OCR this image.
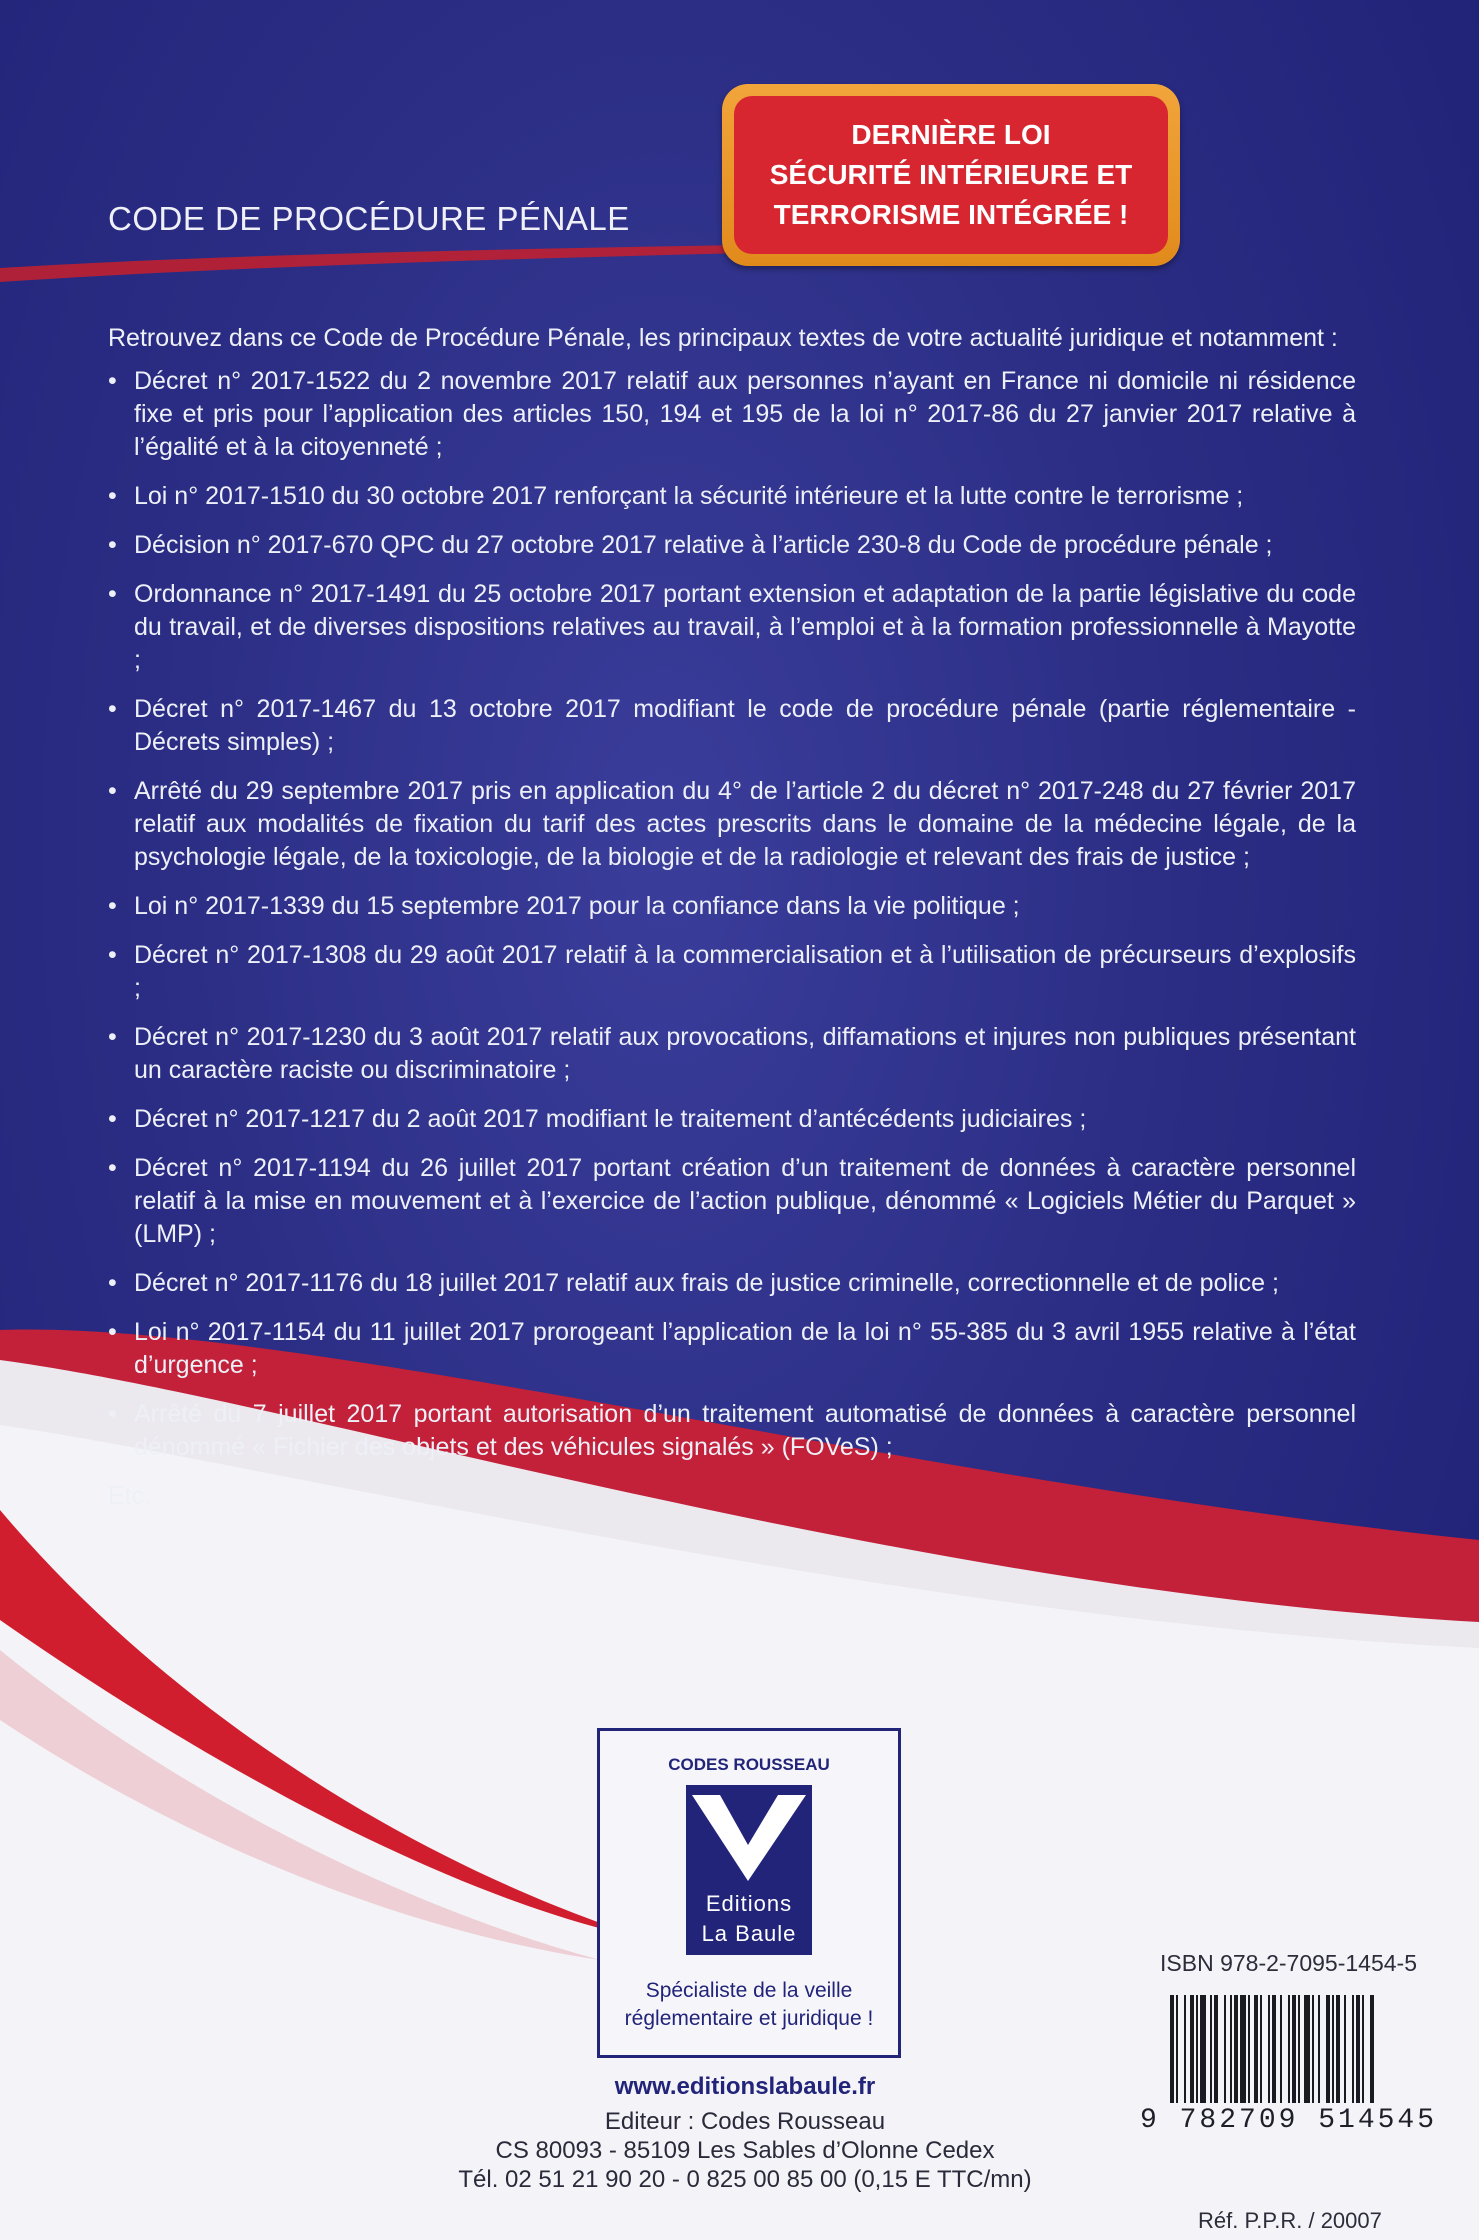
CODE DE PROCÉDURE PÉNALE
DERNIÈRE LOI
SÉCURITÉ INTÉRIEURE ET
TERRORISME INTÉGRÉE !

Retrouvez dans ce Code de Procédure Pénale, les principaux textes de votre actualité juridique et notamment :

• Décret n° 2017-1522 du 2 novembre 2017 relatif aux personnes n’ayant en France ni domicile ni résidence fixe et pris pour l’application des articles 150, 194 et 195 de la loi n° 2017-86 du 27 janvier 2017 relative à l’égalité et à la citoyenneté ;
• Loi n° 2017-1510 du 30 octobre 2017 renforçant la sécurité intérieure et la lutte contre le terrorisme ;
• Décision n° 2017-670 QPC du 27 octobre 2017 relative à l’article 230-8 du Code de procédure pénale ;
• Ordonnance n° 2017-1491 du 25 octobre 2017 portant extension et adaptation de la partie législative du code du travail, et de diverses dispositions relatives au travail, à l’emploi et à la formation professionnelle à Mayotte ;
• Décret n° 2017-1467 du 13 octobre 2017 modifiant le code de procédure pénale (partie réglementaire - Décrets simples) ;
• Arrêté du 29 septembre 2017 pris en application du 4° de l’article 2 du décret n° 2017-248 du 27 février 2017 relatif aux modalités de fixation du tarif des actes prescrits dans le domaine de la médecine légale, de la psychologie légale, de la toxicologie, de la biologie et de la radiologie et relevant des frais de justice ;
• Loi n° 2017-1339 du 15 septembre 2017 pour la confiance dans la vie politique ;
• Décret n° 2017-1308 du 29 août 2017 relatif à la commercialisation et à l’utilisation de précurseurs d’explosifs ;
• Décret n° 2017-1230 du 3 août 2017 relatif aux provocations, diffamations et injures non publiques présentant un caractère raciste ou discriminatoire ;
• Décret n° 2017-1217 du 2 août 2017 modifiant le traitement d’antécédents judiciaires ;
• Décret n° 2017-1194 du 26 juillet 2017 portant création d’un traitement de données à caractère personnel relatif à la mise en mouvement et à l’exercice de l’action publique, dénommé « Logiciels Métier du Parquet » (LMP) ;
• Décret n° 2017-1176 du 18 juillet 2017 relatif aux frais de justice criminelle, correctionnelle et de police ;
• Loi n° 2017-1154 du 11 juillet 2017 prorogeant l’application de la loi n° 55-385 du 3 avril 1955 relative à l’état d’urgence ;
• Arrêté du 7 juillet 2017 portant autorisation d’un traitement automatisé de données à caractère personnel dénommé « Fichier des objets et des véhicules signalés » (FOVeS) ;

Etc.

CODES ROUSSEAU
Editions
La Baule
Spécialiste de la veille
réglementaire et juridique !
www.editionslabaule.fr
Editeur : Codes Rousseau
CS 80093 - 85109 Les Sables d’Olonne Cedex
Tél. 02 51 21 90 20 - 0 825 00 85 00 (0,15 E TTC/mn)
ISBN 978-2-7095-1454-5
9 782709 514545
Réf. P.P.R. / 20007
